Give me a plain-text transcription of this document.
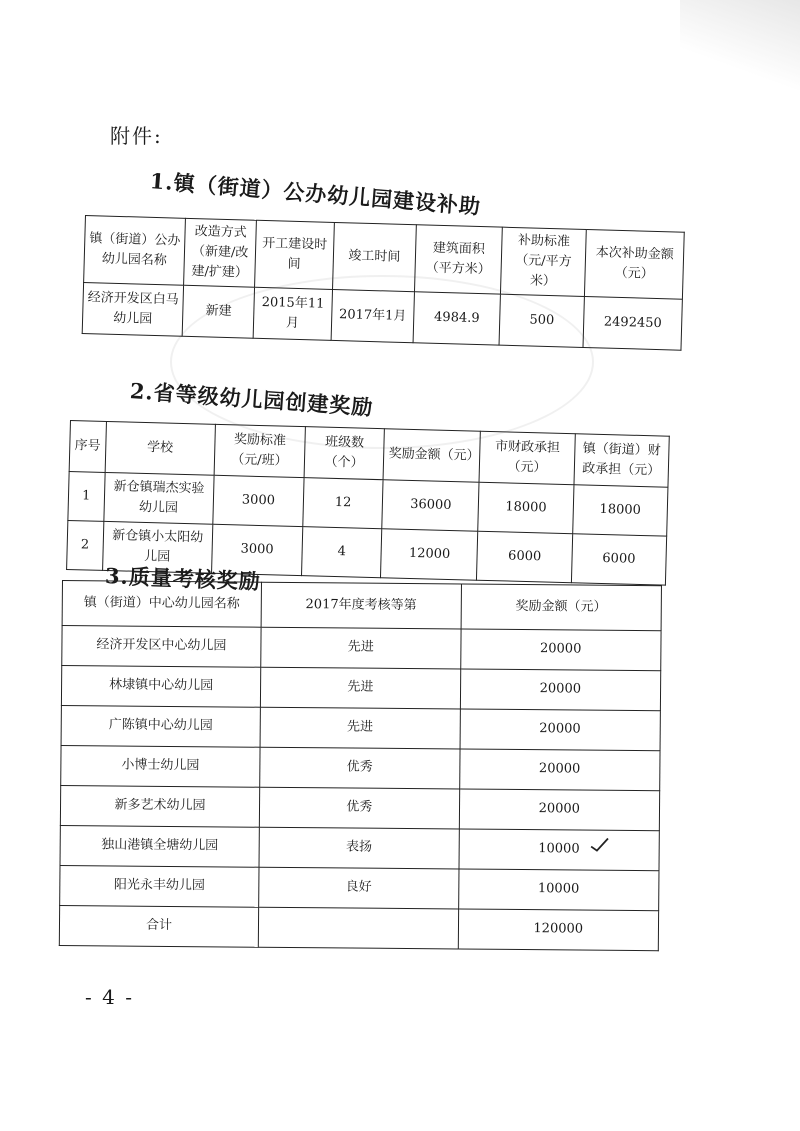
附件:
1.镇（街道）公办幼儿园建设补助
镇（街道）公办幼儿园名称	改造方式（新建/改建/扩建）	开工建设时间	竣工时间	建筑面积（平方米）	补助标准（元/平方米）	本次补助金额（元）
经济开发区白马幼儿园	新建	2015年11月	2017年1月	4984.9	500	2492450
2.省等级幼儿园创建奖励
序号	学校	奖励标准（元/班）	班级数（个）	奖励金额（元）	市财政承担（元）	镇（街道）财政承担（元）
1	新仓镇瑞杰实验幼儿园	3000	12	36000	18000	18000
2	新仓镇小太阳幼儿园	3000	4	12000	6000	6000
3.质量考核奖励
镇（街道）中心幼儿园名称	2017年度考核等第	奖励金额（元）
经济开发区中心幼儿园	先进	20000
林埭镇中心幼儿园	先进	20000
广陈镇中心幼儿园	先进	20000
小博士幼儿园	优秀	20000
新多艺术幼儿园	优秀	20000
独山港镇全塘幼儿园	表扬	10000
阳光永丰幼儿园	良好	10000
合计		120000
- 4 -
